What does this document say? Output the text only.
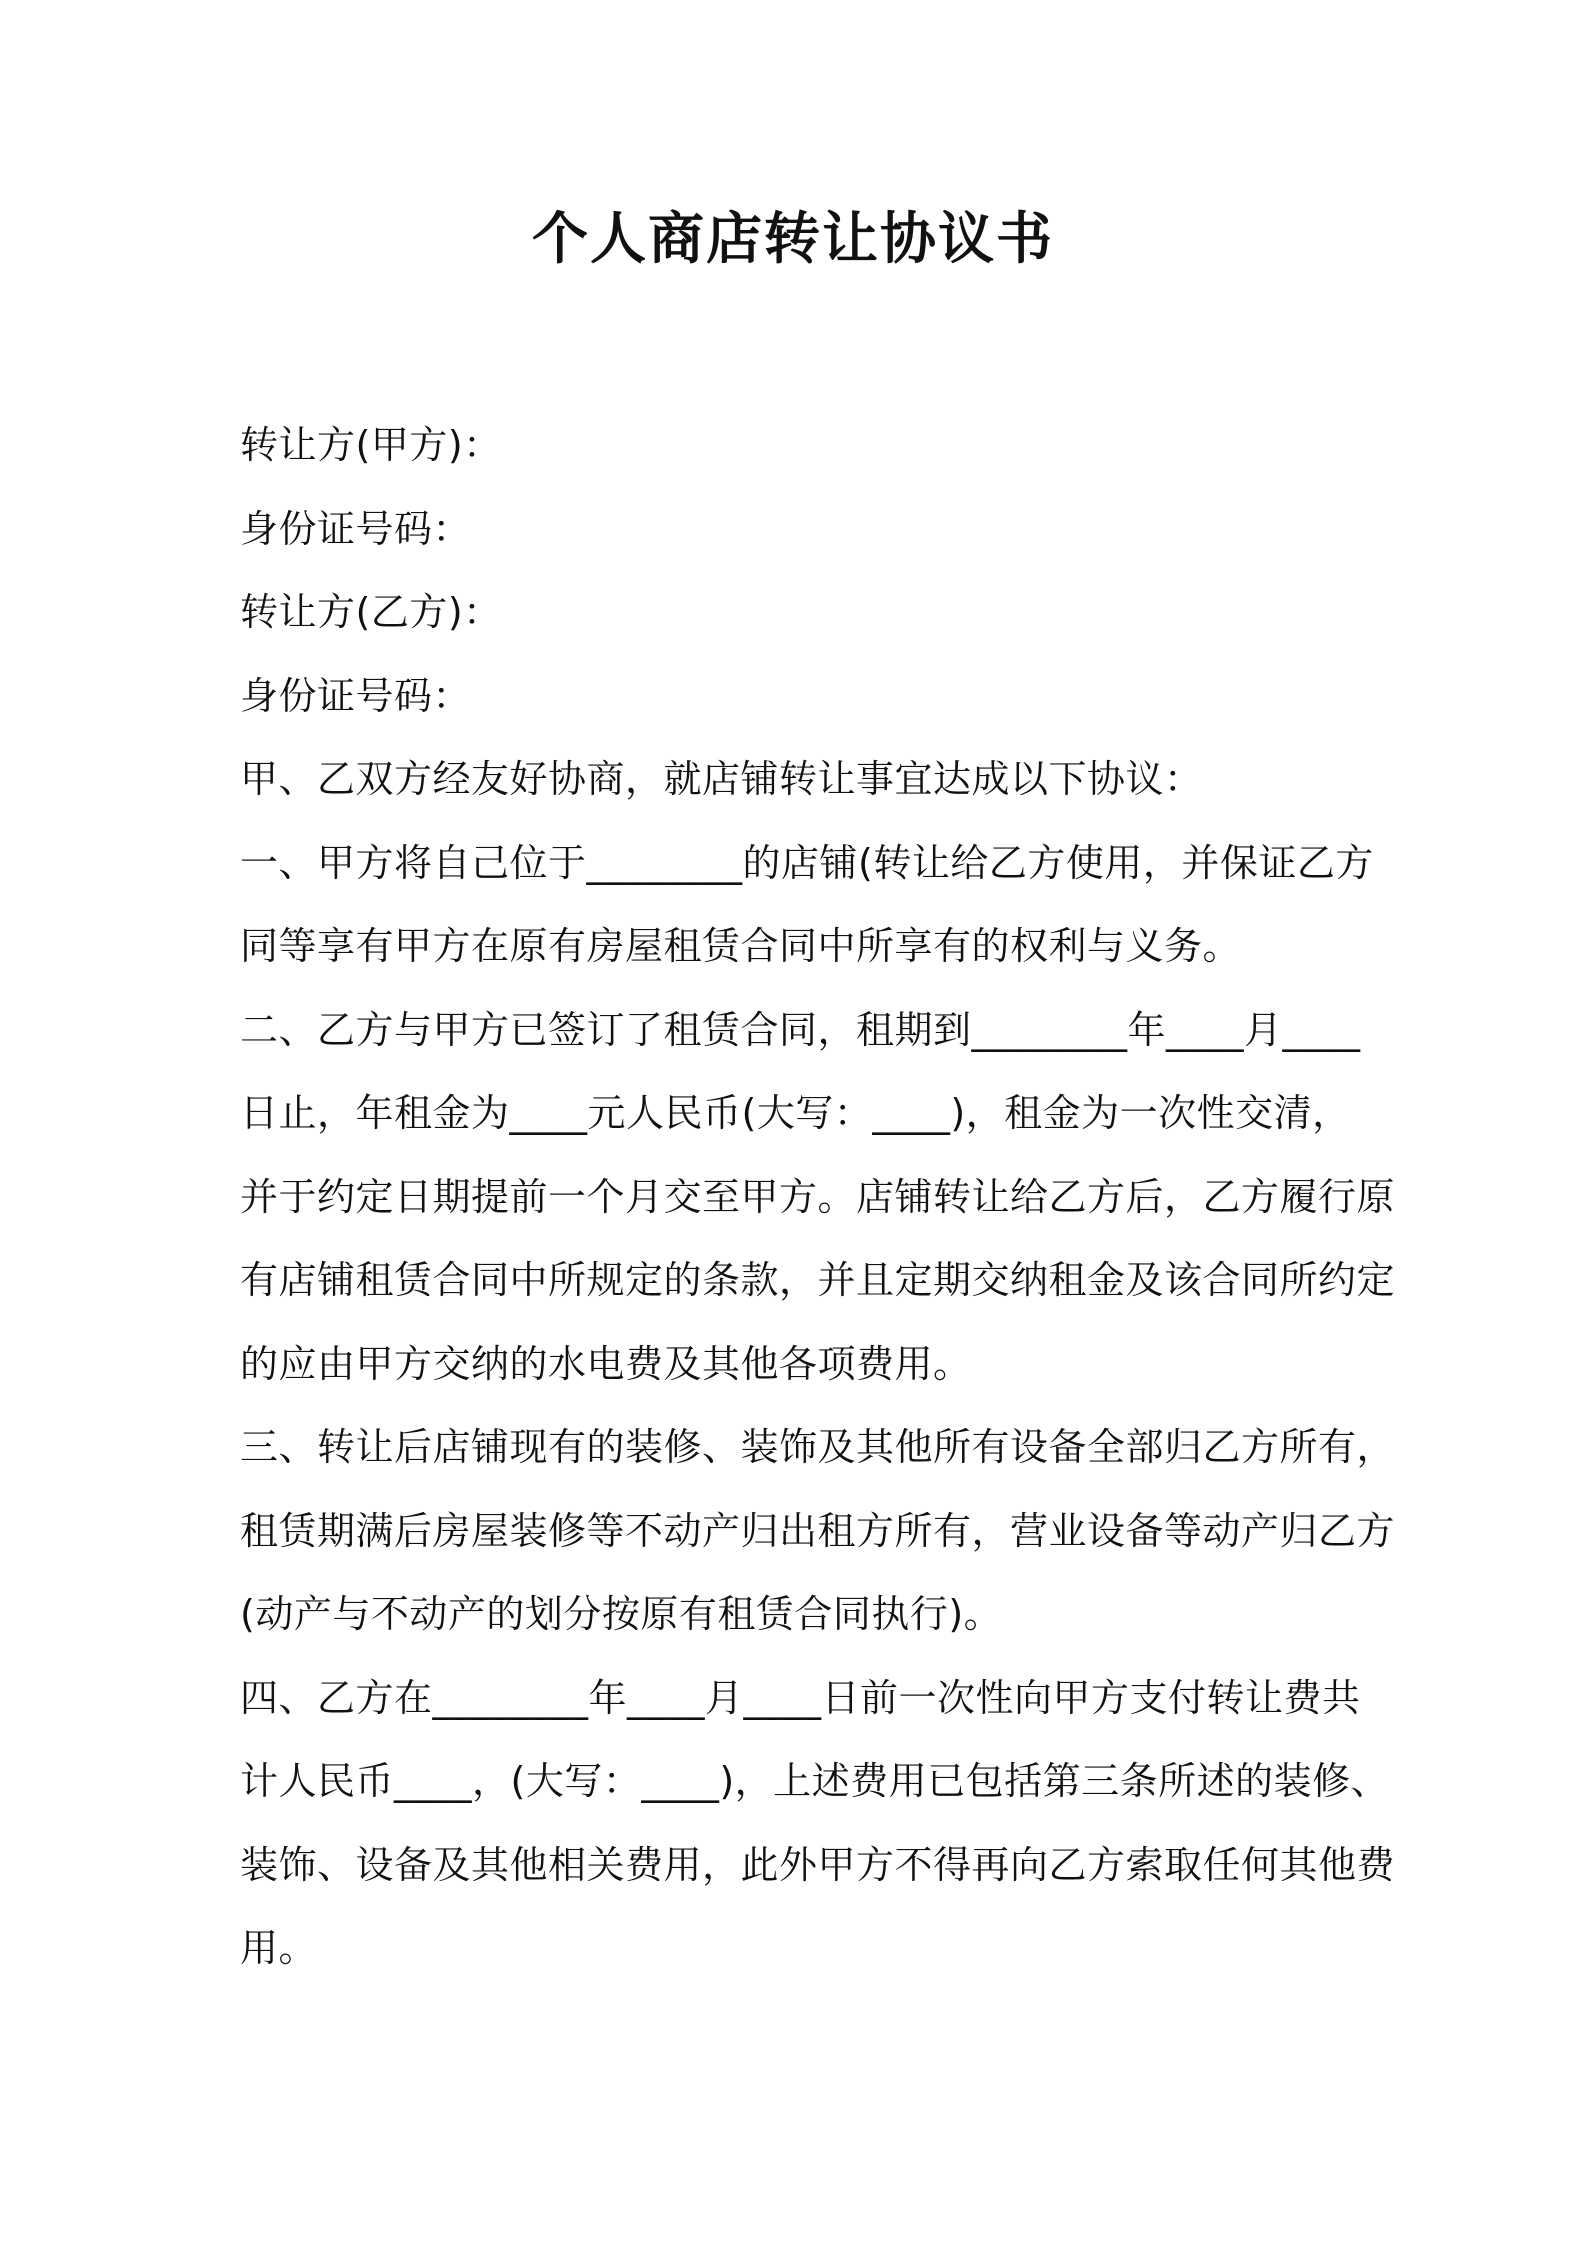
个人商店转让协议书
转让方(甲方)：
身份证号码：
转让方(乙方)：
身份证号码：
甲、乙双方经友好协商，就店铺转让事宜达成以下协议：
一、甲方将自己位于________的店铺(转让给乙方使用，并保证乙方
同等享有甲方在原有房屋租赁合同中所享有的权利与义务。
二、乙方与甲方已签订了租赁合同，租期到________年____月____
日止，年租金为____元人民币(大写：____)，租金为一次性交清，
并于约定日期提前一个月交至甲方。店铺转让给乙方后，乙方履行原
有店铺租赁合同中所规定的条款，并且定期交纳租金及该合同所约定
的应由甲方交纳的水电费及其他各项费用。
三、转让后店铺现有的装修、装饰及其他所有设备全部归乙方所有，
租赁期满后房屋装修等不动产归出租方所有，营业设备等动产归乙方
(动产与不动产的划分按原有租赁合同执行)。
四、乙方在________年____月____日前一次性向甲方支付转让费共
计人民币____，(大写：____)，上述费用已包括第三条所述的装修、
装饰、设备及其他相关费用，此外甲方不得再向乙方索取任何其他费
用。
